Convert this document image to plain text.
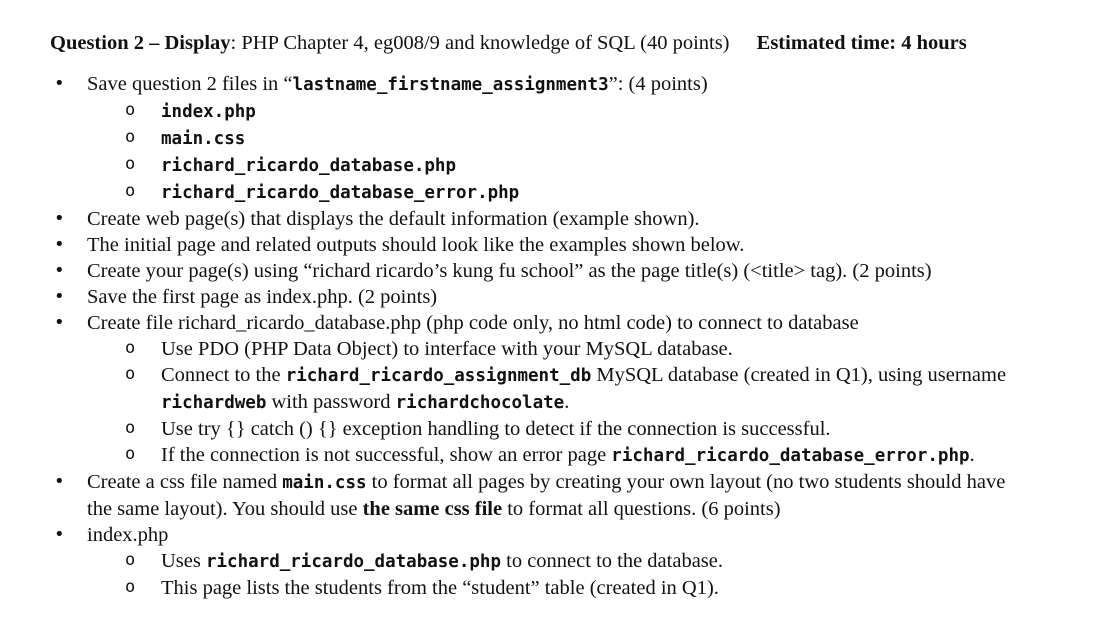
Question 2 – Display: PHP Chapter 4, eg008/9 and knowledge of SQL (40 points) Estimated time: 4 hours
• Save question 2 files in “lastname_firstname_assignment3”: (4 points)
o index.php
o main.css
o richard_ricardo_database.php
o richard_ricardo_database_error.php
• Create web page(s) that displays the default information (example shown).
• The initial page and related outputs should look like the examples shown below.
• Create your page(s) using “richard ricardo’s kung fu school” as the page title(s) (<title> tag). (2 points)
• Save the first page as index.php. (2 points)
• Create file richard_ricardo_database.php (php code only, no html code) to connect to database
o Use PDO (PHP Data Object) to interface with your MySQL database.
o Connect to the richard_ricardo_assignment_db MySQL database (created in Q1), using username richardweb with password richardchocolate.
o Use try {} catch () {} exception handling to detect if the connection is successful.
o If the connection is not successful, show an error page richard_ricardo_database_error.php.
• Create a css file named main.css to format all pages by creating your own layout (no two students should have the same layout). You should use the same css file to format all questions. (6 points)
• index.php
o Uses richard_ricardo_database.php to connect to the database.
o This page lists the students from the “student” table (created in Q1).
